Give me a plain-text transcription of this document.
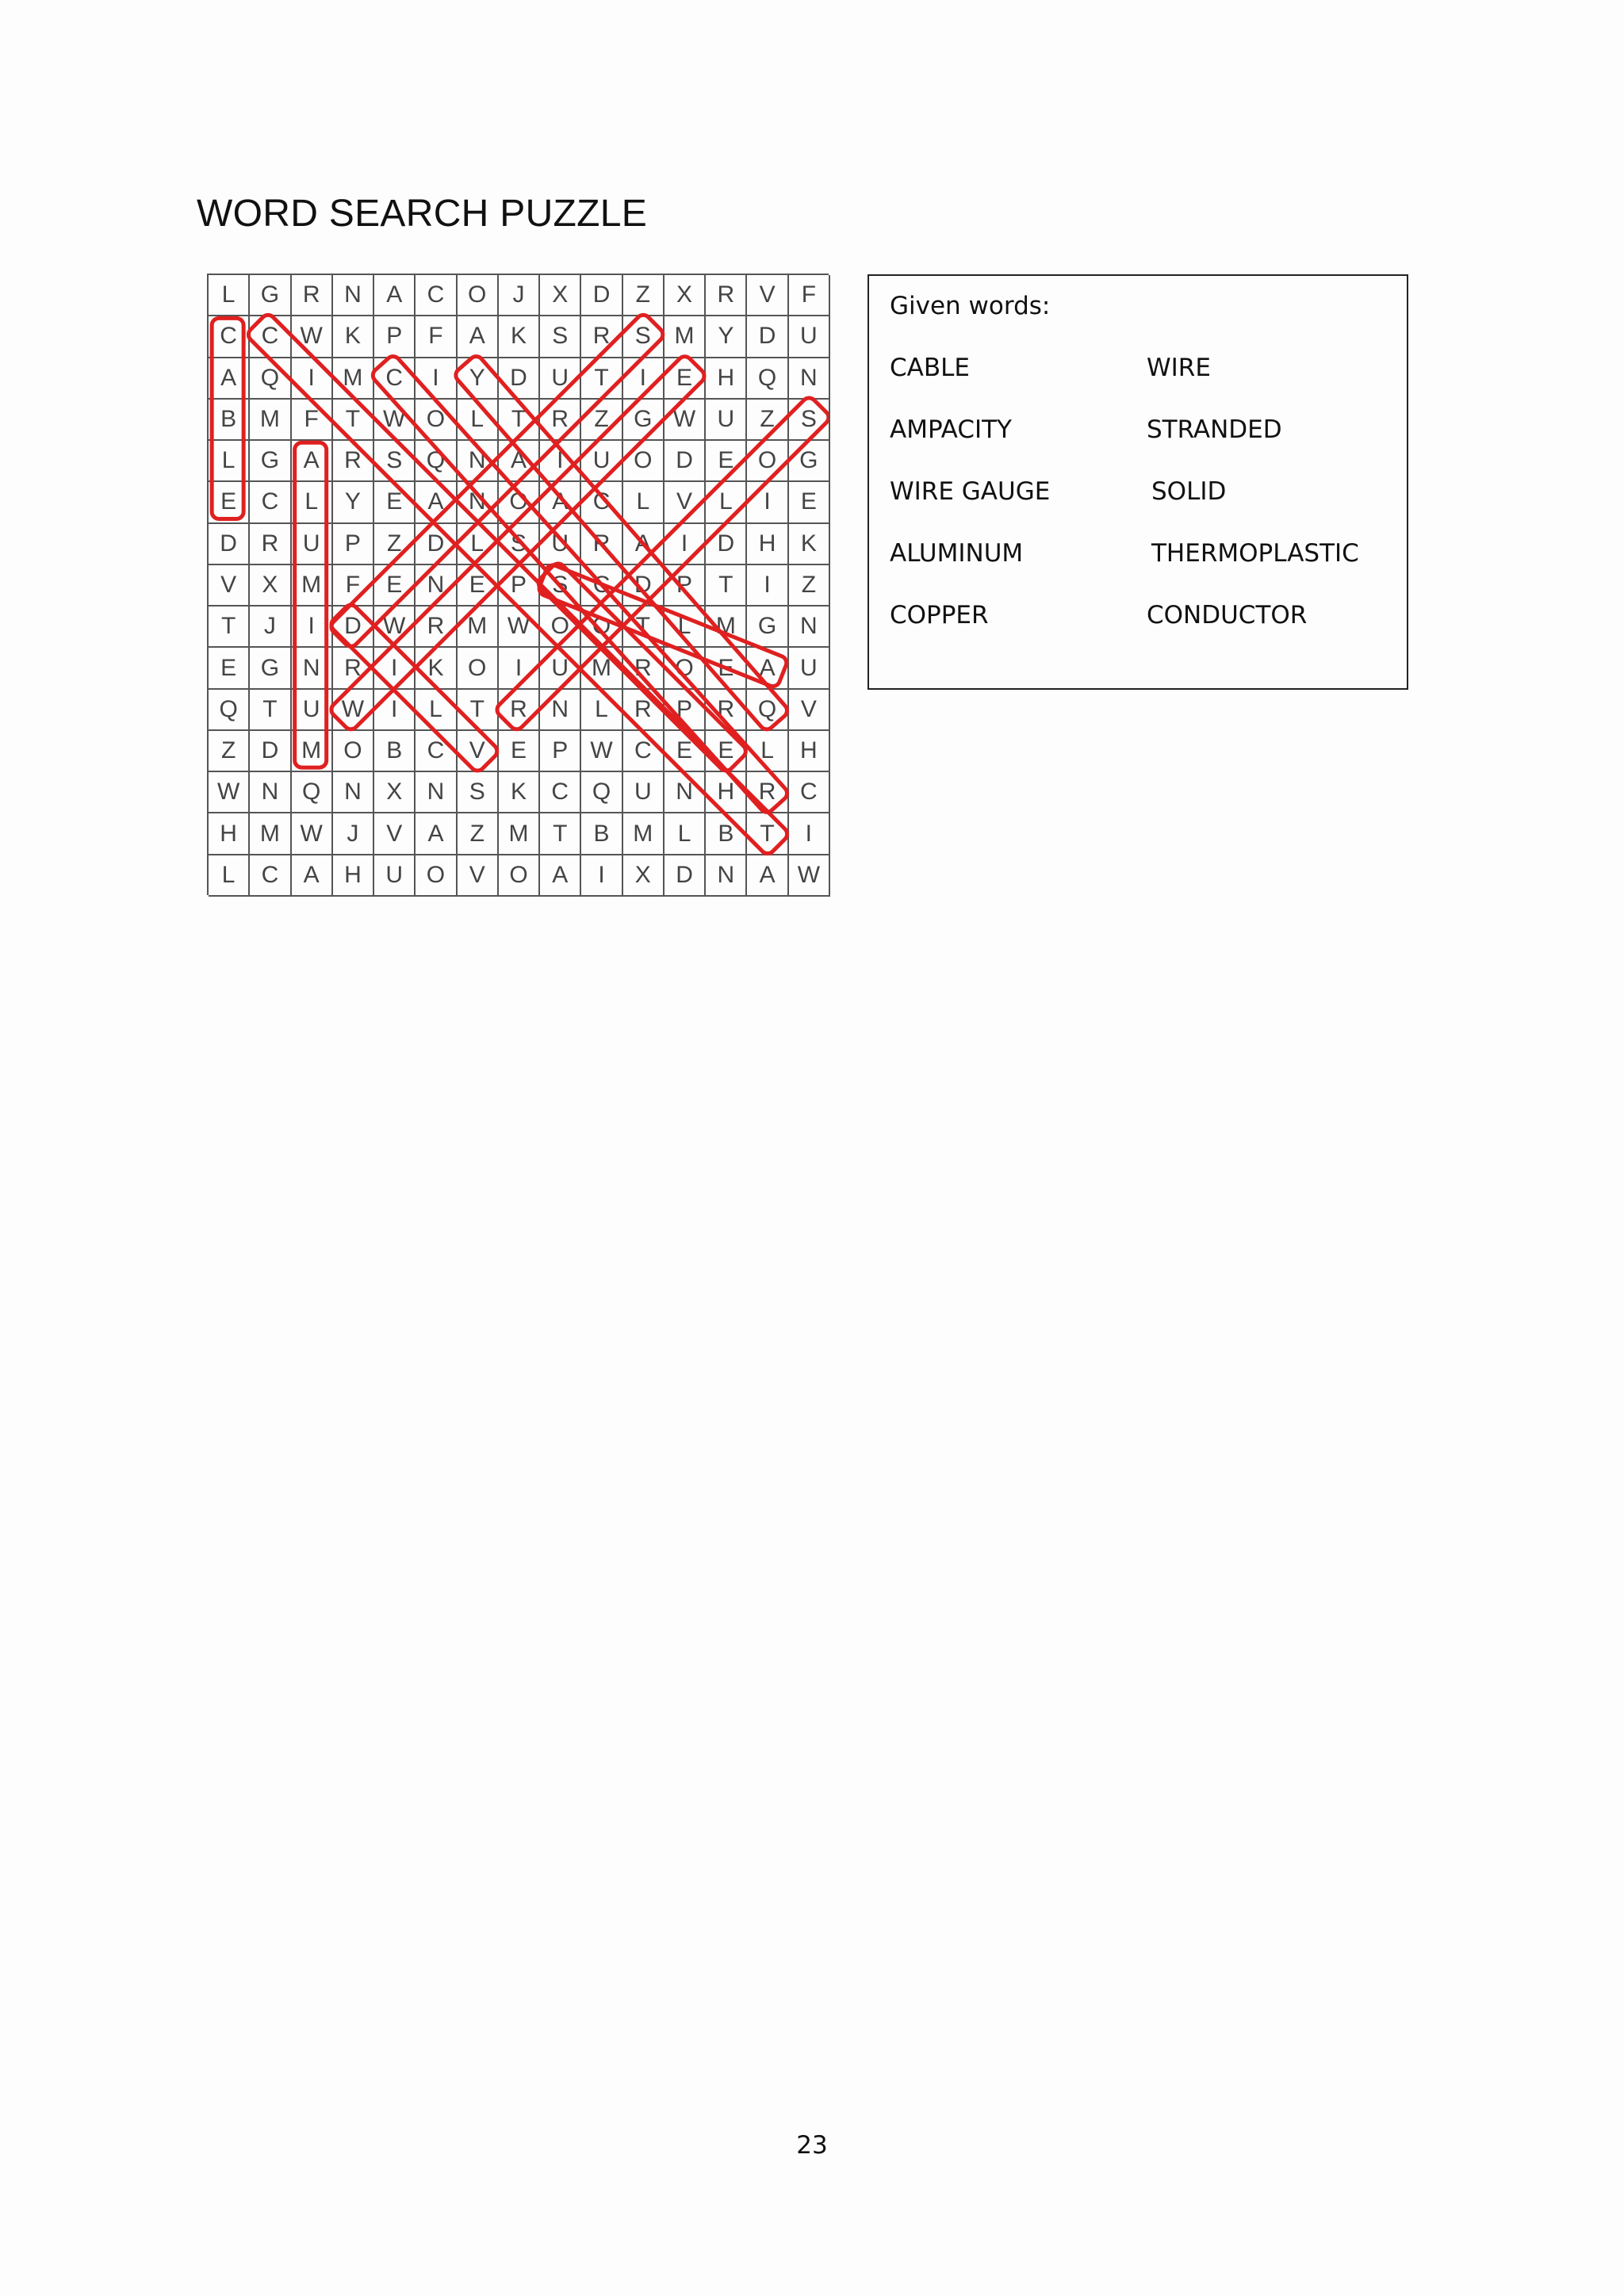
WORD SEARCH PUZZLE
L	G R	N	A	C O	J	X	D	Z	X	R	V	F
C	C W K	P	F	A	K	S	R	S M Y	D	U
A	Q	I	M C	I	Y	D	U	T	I	E	H Q N
B M	F	T W O	L	T	R	Z	G W U	Z	S
L	G	A	R	S	Q N	A	I	U O D	E	O G
E	C	L	Y	E	A	N O	A	C	L	V	L	I	E
D	R	U	P	Z	D	L	S	U	R	A	I	D	H	K
V	X M	F	E	N	E	P	S	C	D	P	T	I	Z
T	J	I	D W R M W O O	T	L	M G N
E	G N	R	I	K	O	I	U M R O	E	A	U
Q	T	U W	I	L	T	R	N	L	R	P	R Q	V
Z	D M O	B	C	V	E	P W C	E	E	L	H
W N Q N	X	N	S	K	C Q U	N	H	R	C
H M W	J	V	A	Z	M	T	B M	L	B	T	I
L	C	A	H	U O	V	O	A	I	X	D	N	A W
Given words:
CABLE	WIRE
AMPACITY	STRANDED
WIRE GAUGE	SOLID
ALUMINUM	THERMOPLASTIC
COPPER	CONDUCTOR
23
